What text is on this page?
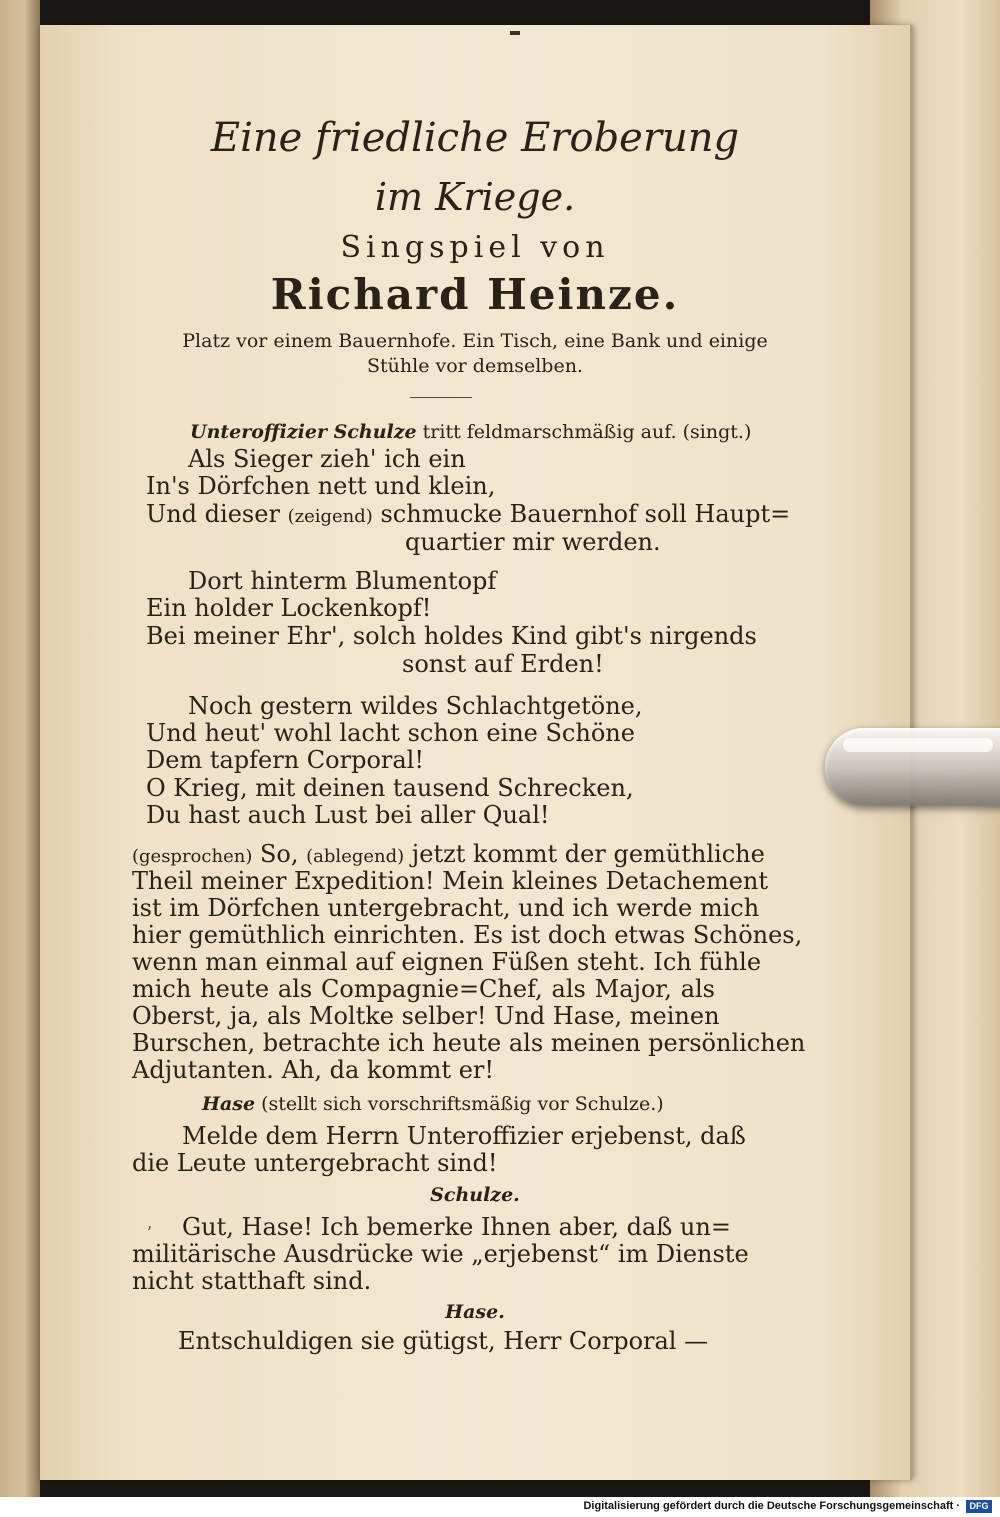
Eine friedliche Eroberung
im Kriege.
Singspiel von
Richard Heinze.
Platz vor einem Bauernhofe. Ein Tisch, eine Bank und einige
Stühle vor demselben.
Unteroffizier Schulze tritt feldmarschmäßig auf. (singt.)
Als Sieger zieh' ich ein
In's Dörfchen nett und klein,
Und dieser (zeigend) schmucke Bauernhof soll Haupt=
quartier mir werden.
Dort hinterm Blumentopf
Ein holder Lockenkopf!
Bei meiner Ehr', solch holdes Kind gibt's nirgends
sonst auf Erden!
Noch gestern wildes Schlachtgetöne,
Und heut' wohl lacht schon eine Schöne
Dem tapfern Corporal!
O Krieg, mit deinen tausend Schrecken,
Du hast auch Lust bei aller Qual!
(gesprochen) So, (ablegend) jetzt kommt der gemüthliche
Theil meiner Expedition! Mein kleines Detachement
ist im Dörfchen untergebracht, und ich werde mich
hier gemüthlich einrichten. Es ist doch etwas Schönes,
wenn man einmal auf eignen Füßen steht. Ich fühle
mich heute als Compagnie=Chef, als Major, als
Oberst, ja, als Moltke selber! Und Hase, meinen
Burschen, betrachte ich heute als meinen persönlichen
Adjutanten. Ah, da kommt er!
Hase (stellt sich vorschriftsmäßig vor Schulze.)
Melde dem Herrn Unteroffizier erjebenst, daß
die Leute untergebracht sind!
Schulze.
ʼ Gut, Hase! Ich bemerke Ihnen aber, daß un=
militärische Ausdrücke wie „erjebenst“ im Dienste
nicht statthaft sind.
Hase.
Entschuldigen sie gütigst, Herr Corporal —
Digitalisierung gefördert durch die Deutsche Forschungsgemeinschaft ·	DFG
